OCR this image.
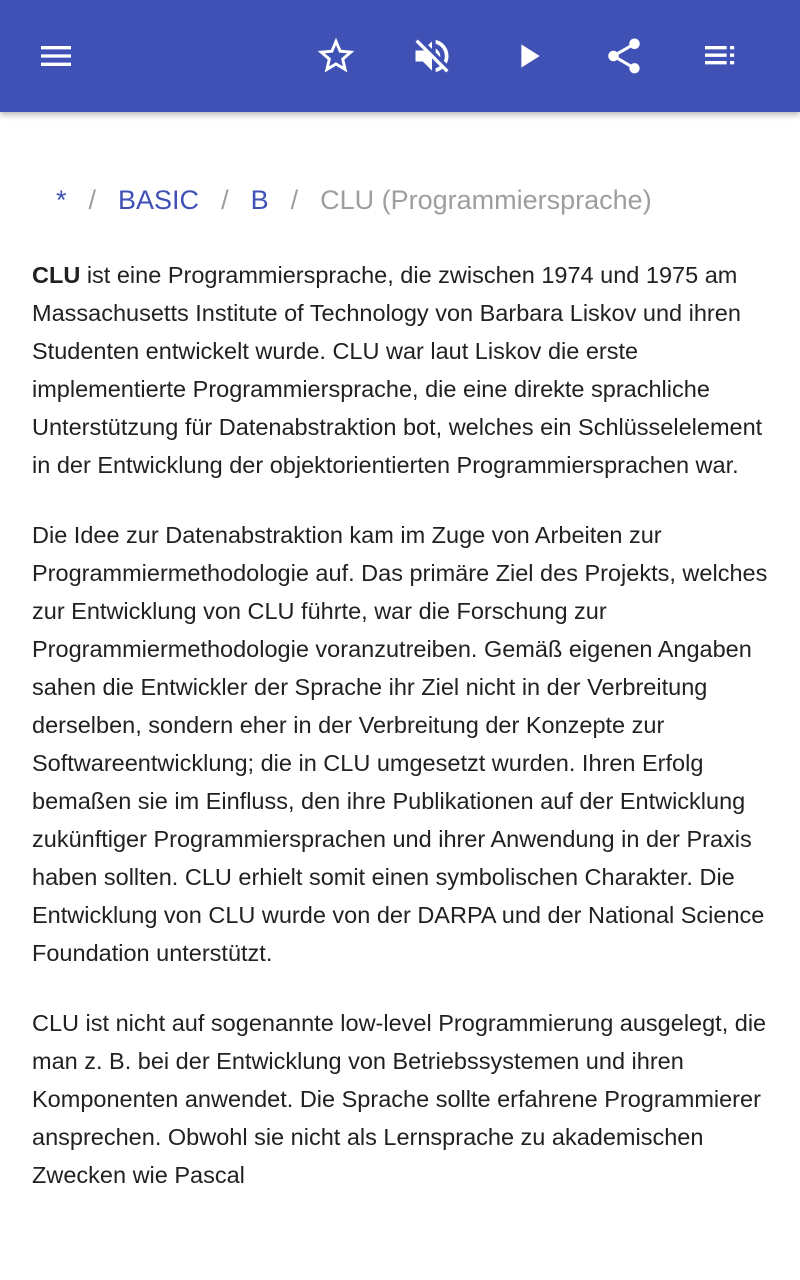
* / BASIC / B / CLU (Programmiersprache)

CLU ist eine Programmiersprache, die zwischen 1974 und 1975 am Massachusetts Institute of Technology von Barbara Liskov und ihren Studenten entwickelt wurde. CLU war laut Liskov die erste implementierte Programmiersprache, die eine direkte sprachliche Unterstützung für Datenabstraktion bot, welches ein Schlüsselelement in der Entwicklung der objektorientierten Programmiersprachen war.

Die Idee zur Datenabstraktion kam im Zuge von Arbeiten zur Programmiermethodologie auf. Das primäre Ziel des Projekts, welches zur Entwicklung von CLU führte, war die Forschung zur Programmiermethodologie voranzutreiben. Gemäß eigenen Angaben sahen die Entwickler der Sprache ihr Ziel nicht in der Verbreitung derselben, sondern eher in der Verbreitung der Konzepte zur Softwareentwicklung; die in CLU umgesetzt wurden. Ihren Erfolg bemaßen sie im Einfluss, den ihre Publikationen auf der Entwicklung zukünftiger Programmiersprachen und ihrer Anwendung in der Praxis haben sollten. CLU erhielt somit einen symbolischen Charakter. Die Entwicklung von CLU wurde von der DARPA und der National Science Foundation unterstützt.

CLU ist nicht auf sogenannte low-level Programmierung ausgelegt, die man z. B. bei der Entwicklung von Betriebssystemen und ihren Komponenten anwendet. Die Sprache sollte erfahrene Programmierer ansprechen. Obwohl sie nicht als Lernsprache zu akademischen Zwecken wie Pascal
